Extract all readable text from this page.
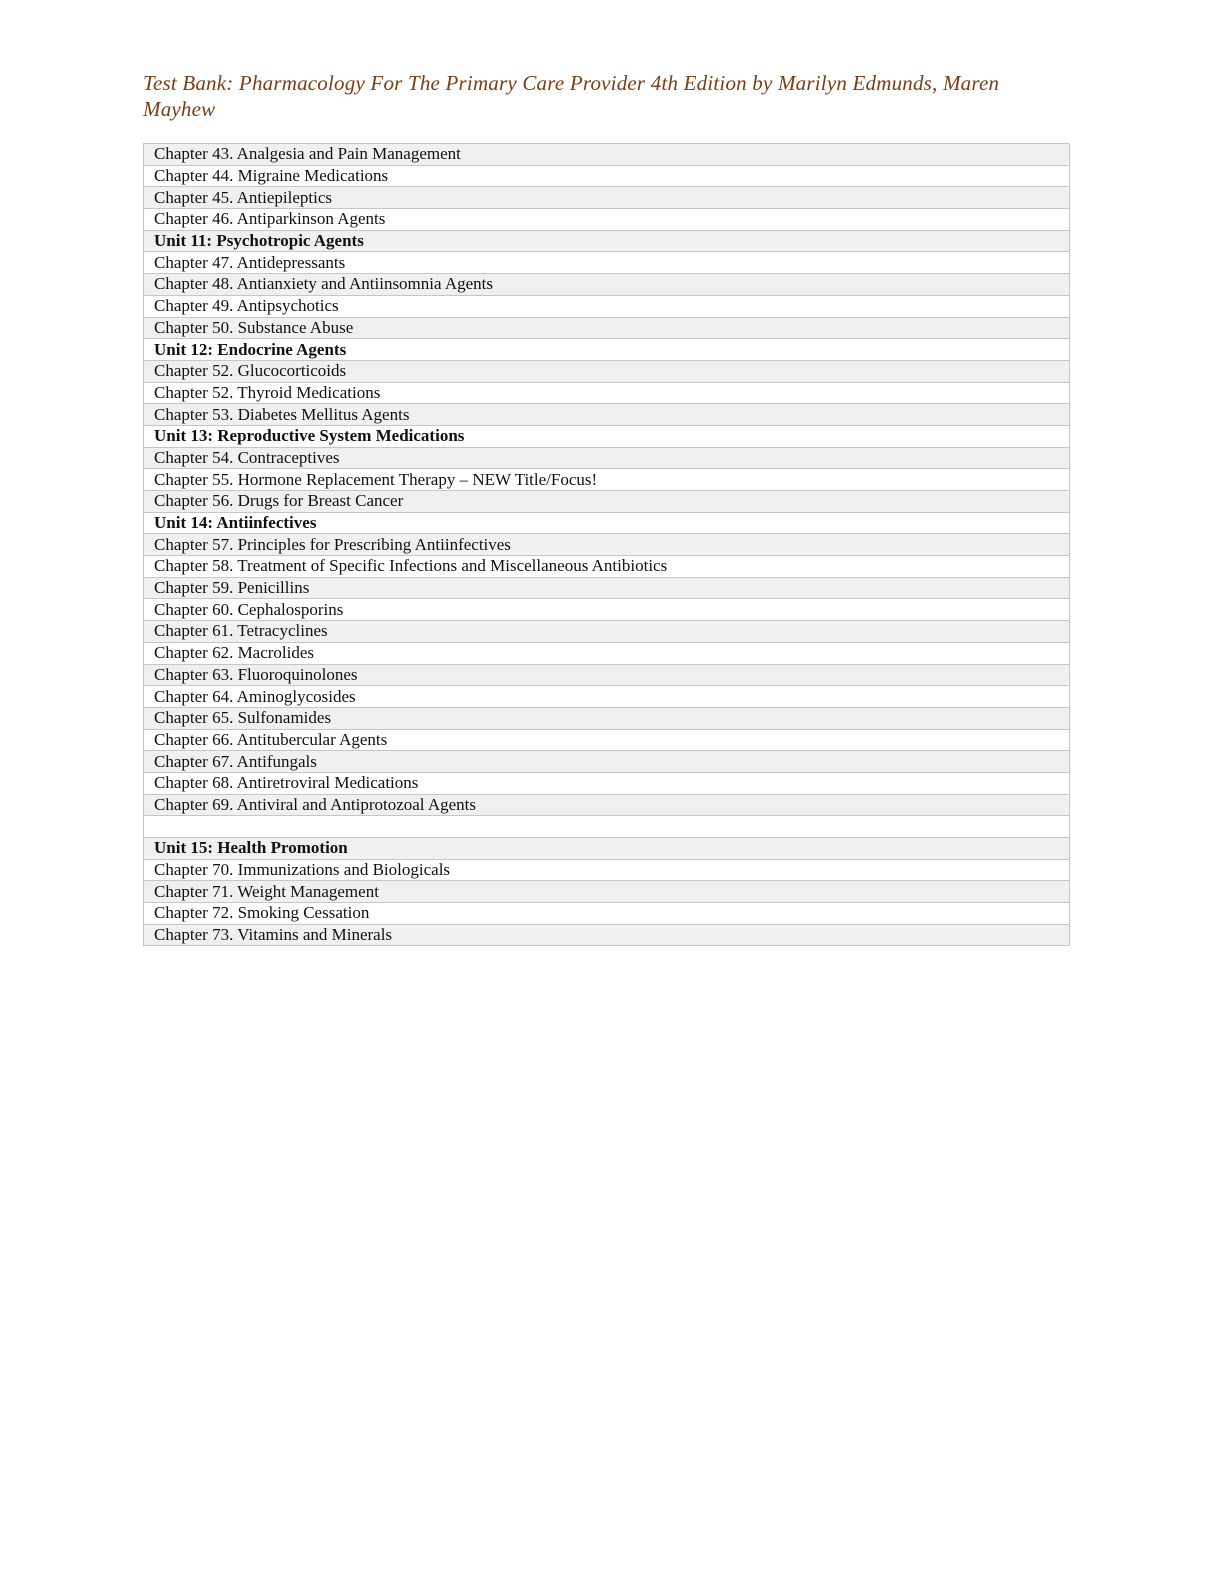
Test Bank: Pharmacology For The Primary Care Provider 4th Edition by Marilyn Edmunds, Maren Mayhew
Chapter 43. Analgesia and Pain Management
Chapter 44. Migraine Medications
Chapter 45. Antiepileptics
Chapter 46. Antiparkinson Agents
Unit 11: Psychotropic Agents
Chapter 47. Antidepressants
Chapter 48. Antianxiety and Antiinsomnia Agents
Chapter 49. Antipsychotics
Chapter 50. Substance Abuse
Unit 12: Endocrine Agents
Chapter 52. Glucocorticoids
Chapter 52. Thyroid Medications
Chapter 53. Diabetes Mellitus Agents
Unit 13: Reproductive System Medications
Chapter 54. Contraceptives
Chapter 55. Hormone Replacement Therapy – NEW Title/Focus!
Chapter 56. Drugs for Breast Cancer
Unit 14: Antiinfectives
Chapter 57. Principles for Prescribing Antiinfectives
Chapter 58. Treatment of Specific Infections and Miscellaneous Antibiotics
Chapter 59. Penicillins
Chapter 60. Cephalosporins
Chapter 61. Tetracyclines
Chapter 62. Macrolides
Chapter 63. Fluoroquinolones
Chapter 64. Aminoglycosides
Chapter 65. Sulfonamides
Chapter 66. Antitubercular Agents
Chapter 67. Antifungals
Chapter 68. Antiretroviral Medications
Chapter 69. Antiviral and Antiprotozoal Agents

Unit 15: Health Promotion
Chapter 70. Immunizations and Biologicals
Chapter 71. Weight Management
Chapter 72. Smoking Cessation
Chapter 73. Vitamins and Minerals
